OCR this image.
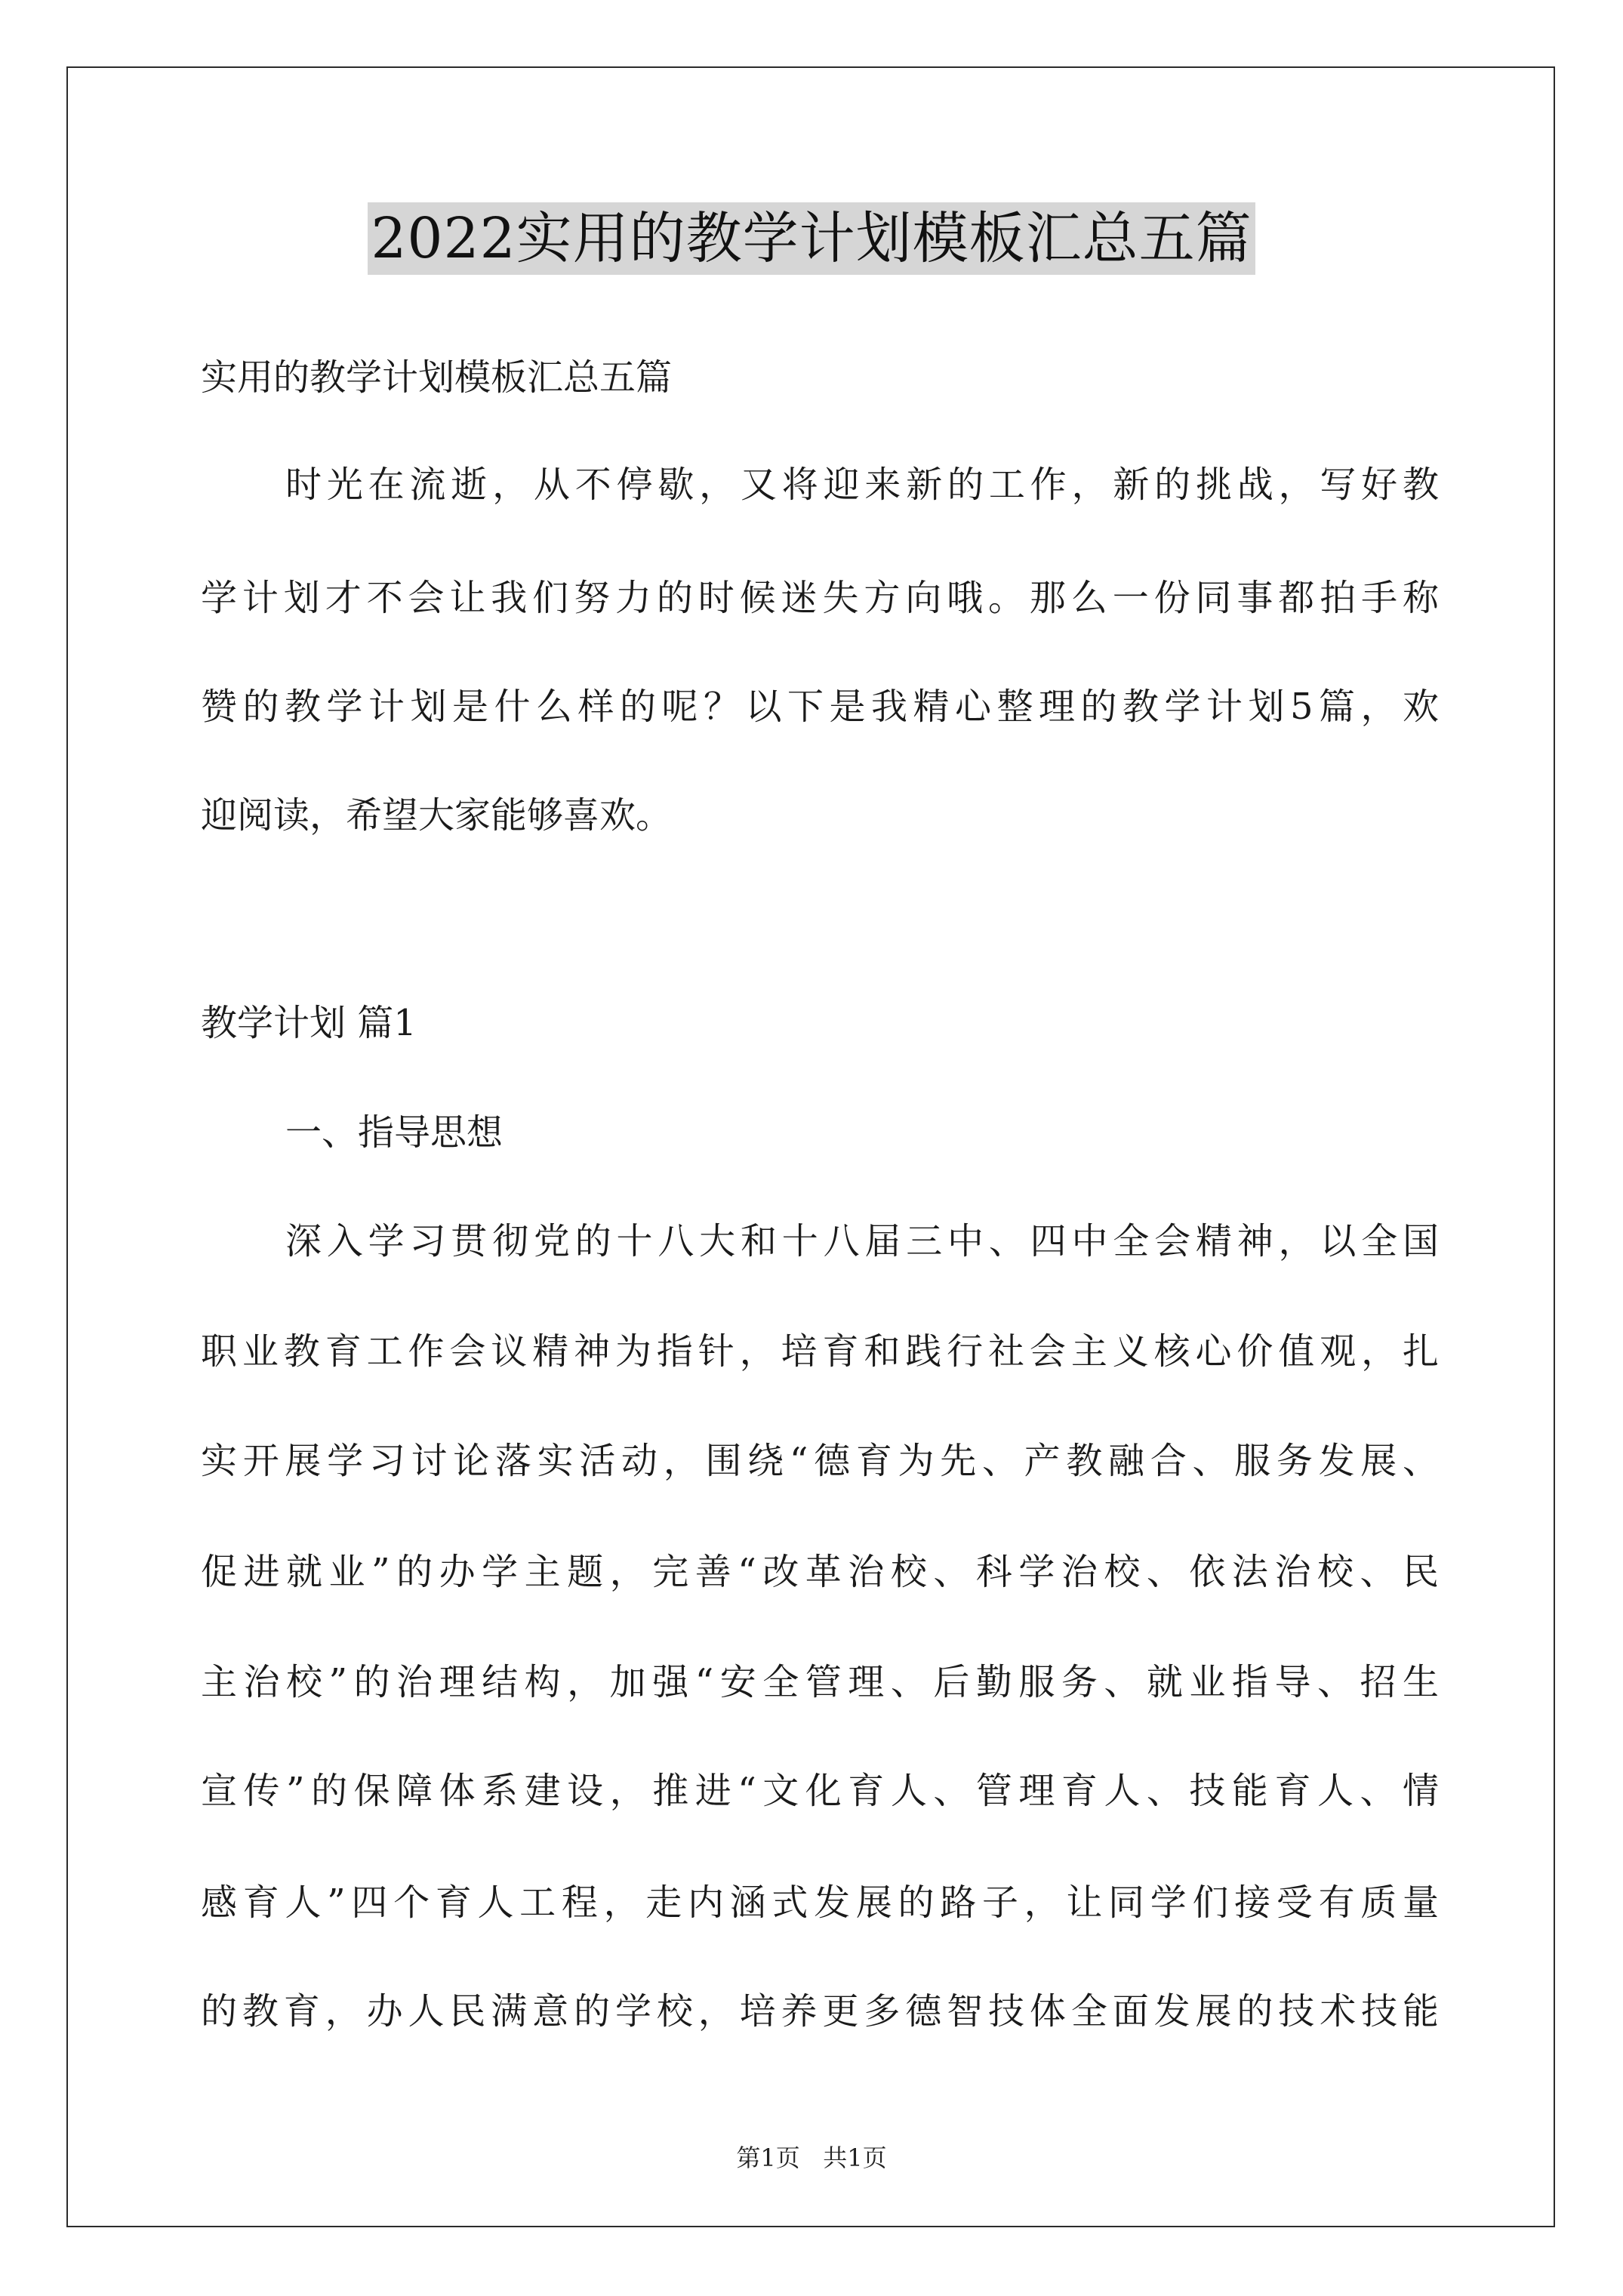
2022实用的教学计划模板汇总五篇
实用的教学计划模板汇总五篇
时光在流逝，从不停歇，又将迎来新的工作，新的挑战，写好教
学计划才不会让我们努力的时候迷失方向哦。那么一份同事都拍手称
赞的教学计划是什么样的呢？以下是我精心整理的教学计划5篇，欢
迎阅读，希望大家能够喜欢。
教学计划 篇1
一、指导思想
深入学习贯彻党的十八大和十八届三中、四中全会精神，以全国
职业教育工作会议精神为指针，培育和践行社会主义核心价值观，扎
实开展学习讨论落实活动，围绕“德育为先、产教融合、服务发展、
促进就业”的办学主题，完善“改革治校、科学治校、依法治校、民
主治校”的治理结构，加强“安全管理、后勤服务、就业指导、招生
宣传”的保障体系建设，推进“文化育人、管理育人、技能育人、情
感育人”四个育人工程，走内涵式发展的路子，让同学们接受有质量
的教育，办人民满意的学校，培养更多德智技体全面发展的技术技能
第1页   共1页
